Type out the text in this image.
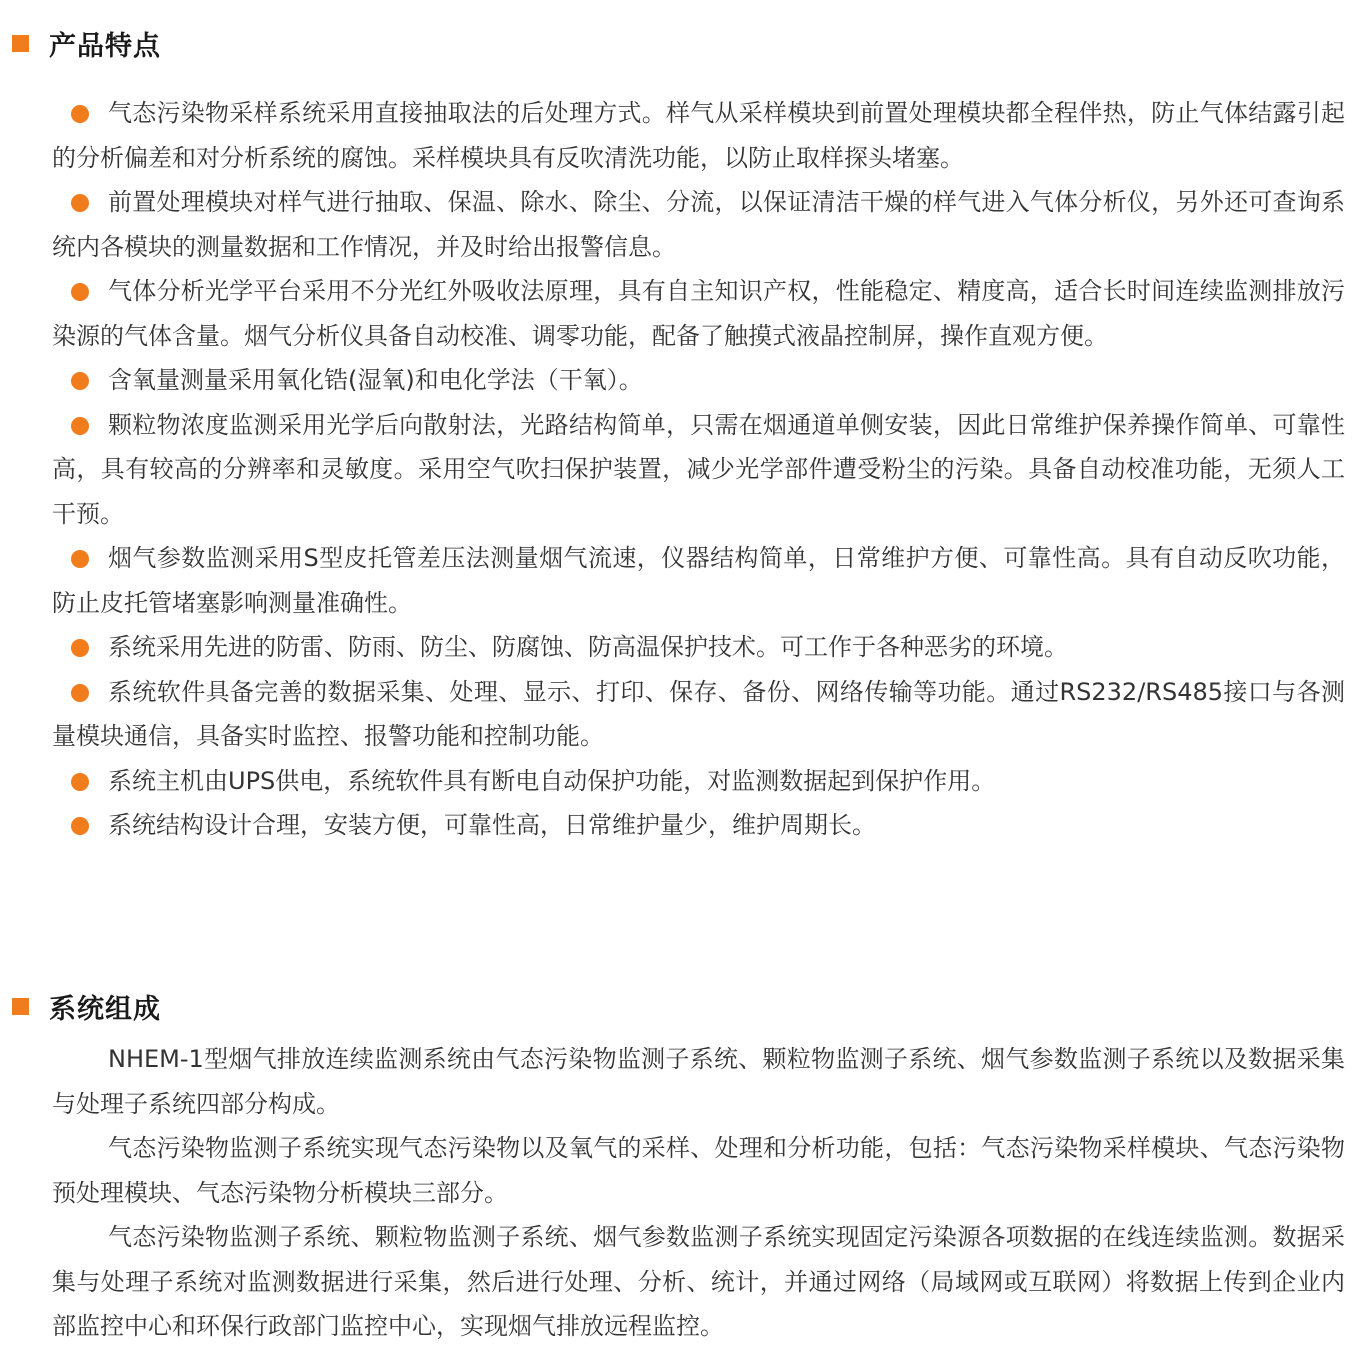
产品特点

气态污染物采样系统采用直接抽取法的后处理方式。样气从采样模块到前置处理模块都全程伴热，防止气体结露引起的分析偏差和对分析系统的腐蚀。采样模块具有反吹清洗功能，以防止取样探头堵塞。

前置处理模块对样气进行抽取、保温、除水、除尘、分流，以保证清洁干燥的样气进入气体分析仪，另外还可查询系统内各模块的测量数据和工作情况，并及时给出报警信息。

气体分析光学平台采用不分光红外吸收法原理，具有自主知识产权，性能稳定、精度高，适合长时间连续监测排放污染源的气体含量。烟气分析仪具备自动校准、调零功能，配备了触摸式液晶控制屏，操作直观方便。

含氧量测量采用氧化锆(湿氧)和电化学法（干氧）。

颗粒物浓度监测采用光学后向散射法，光路结构简单，只需在烟通道单侧安装，因此日常维护保养操作简单、可靠性高，具有较高的分辨率和灵敏度。采用空气吹扫保护装置，减少光学部件遭受粉尘的污染。具备自动校准功能，无须人工干预。

烟气参数监测采用S型皮托管差压法测量烟气流速，仪器结构简单，日常维护方便、可靠性高。具有自动反吹功能，防止皮托管堵塞影响测量准确性。

系统采用先进的防雷、防雨、防尘、防腐蚀、防高温保护技术。可工作于各种恶劣的环境。

系统软件具备完善的数据采集、处理、显示、打印、保存、备份、网络传输等功能。通过RS232/RS485接口与各测量模块通信，具备实时监控、报警功能和控制功能。

系统主机由UPS供电，系统软件具有断电自动保护功能，对监测数据起到保护作用。

系统结构设计合理，安装方便，可靠性高，日常维护量少，维护周期长。

系统组成

NHEM-1型烟气排放连续监测系统由气态污染物监测子系统、颗粒物监测子系统、烟气参数监测子系统以及数据采集与处理子系统四部分构成。

气态污染物监测子系统实现气态污染物以及氧气的采样、处理和分析功能，包括：气态污染物采样模块、气态污染物预处理模块、气态污染物分析模块三部分。

气态污染物监测子系统、颗粒物监测子系统、烟气参数监测子系统实现固定污染源各项数据的在线连续监测。数据采集与处理子系统对监测数据进行采集，然后进行处理、分析、统计，并通过网络（局域网或互联网）将数据上传到企业内部监控中心和环保行政部门监控中心，实现烟气排放远程监控。
